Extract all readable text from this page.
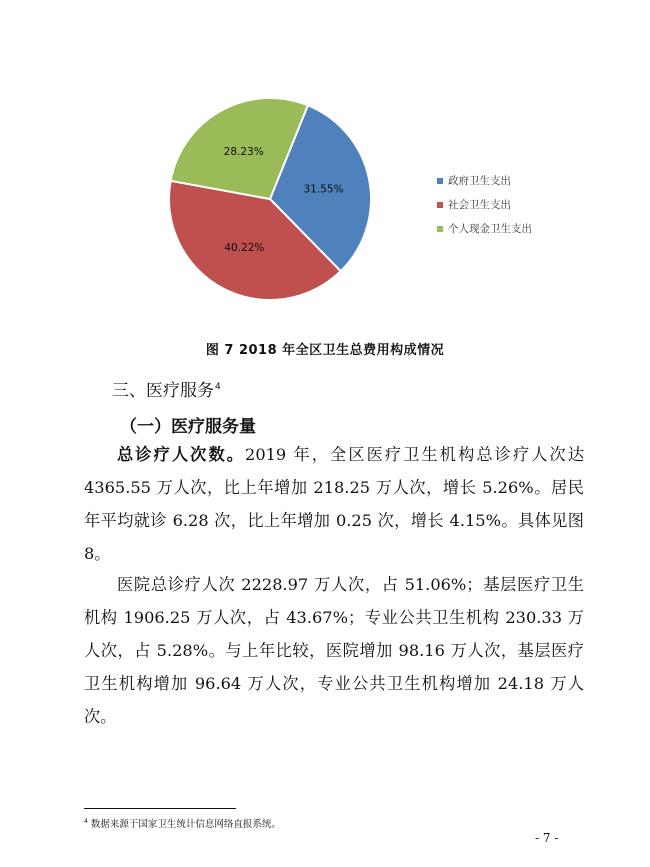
31.55%
40.22%
28.23%
政府卫生支出
社会卫生支出
个人现金卫生支出
图 7 2018 年全区卫生总费用构成情况
三、医疗服务$^4$
（一）医疗服务量

总诊疗人次数。2019 年，全区医疗卫生机构总诊疗人次达 4365.55 万人次，比上年增加 218.25 万人次，增长 5.26%。居民年平均就诊 6.28 次，比上年增加 0.25 次，增长 4.15%。具体见图 8。

医院总诊疗人次 2228.97 万人次，占 51.06%；基层医疗卫生机构 1906.25 万人次，占 43.67%；专业公共卫生机构 230.33 万人次，占 5.28%。与上年比较，医院增加 98.16 万人次，基层医疗卫生机构增加 96.64 万人次，专业公共卫生机构增加 24.18 万人次。

$^4$ 数据来源于国家卫生统计信息网络直报系统。
- 7 -
